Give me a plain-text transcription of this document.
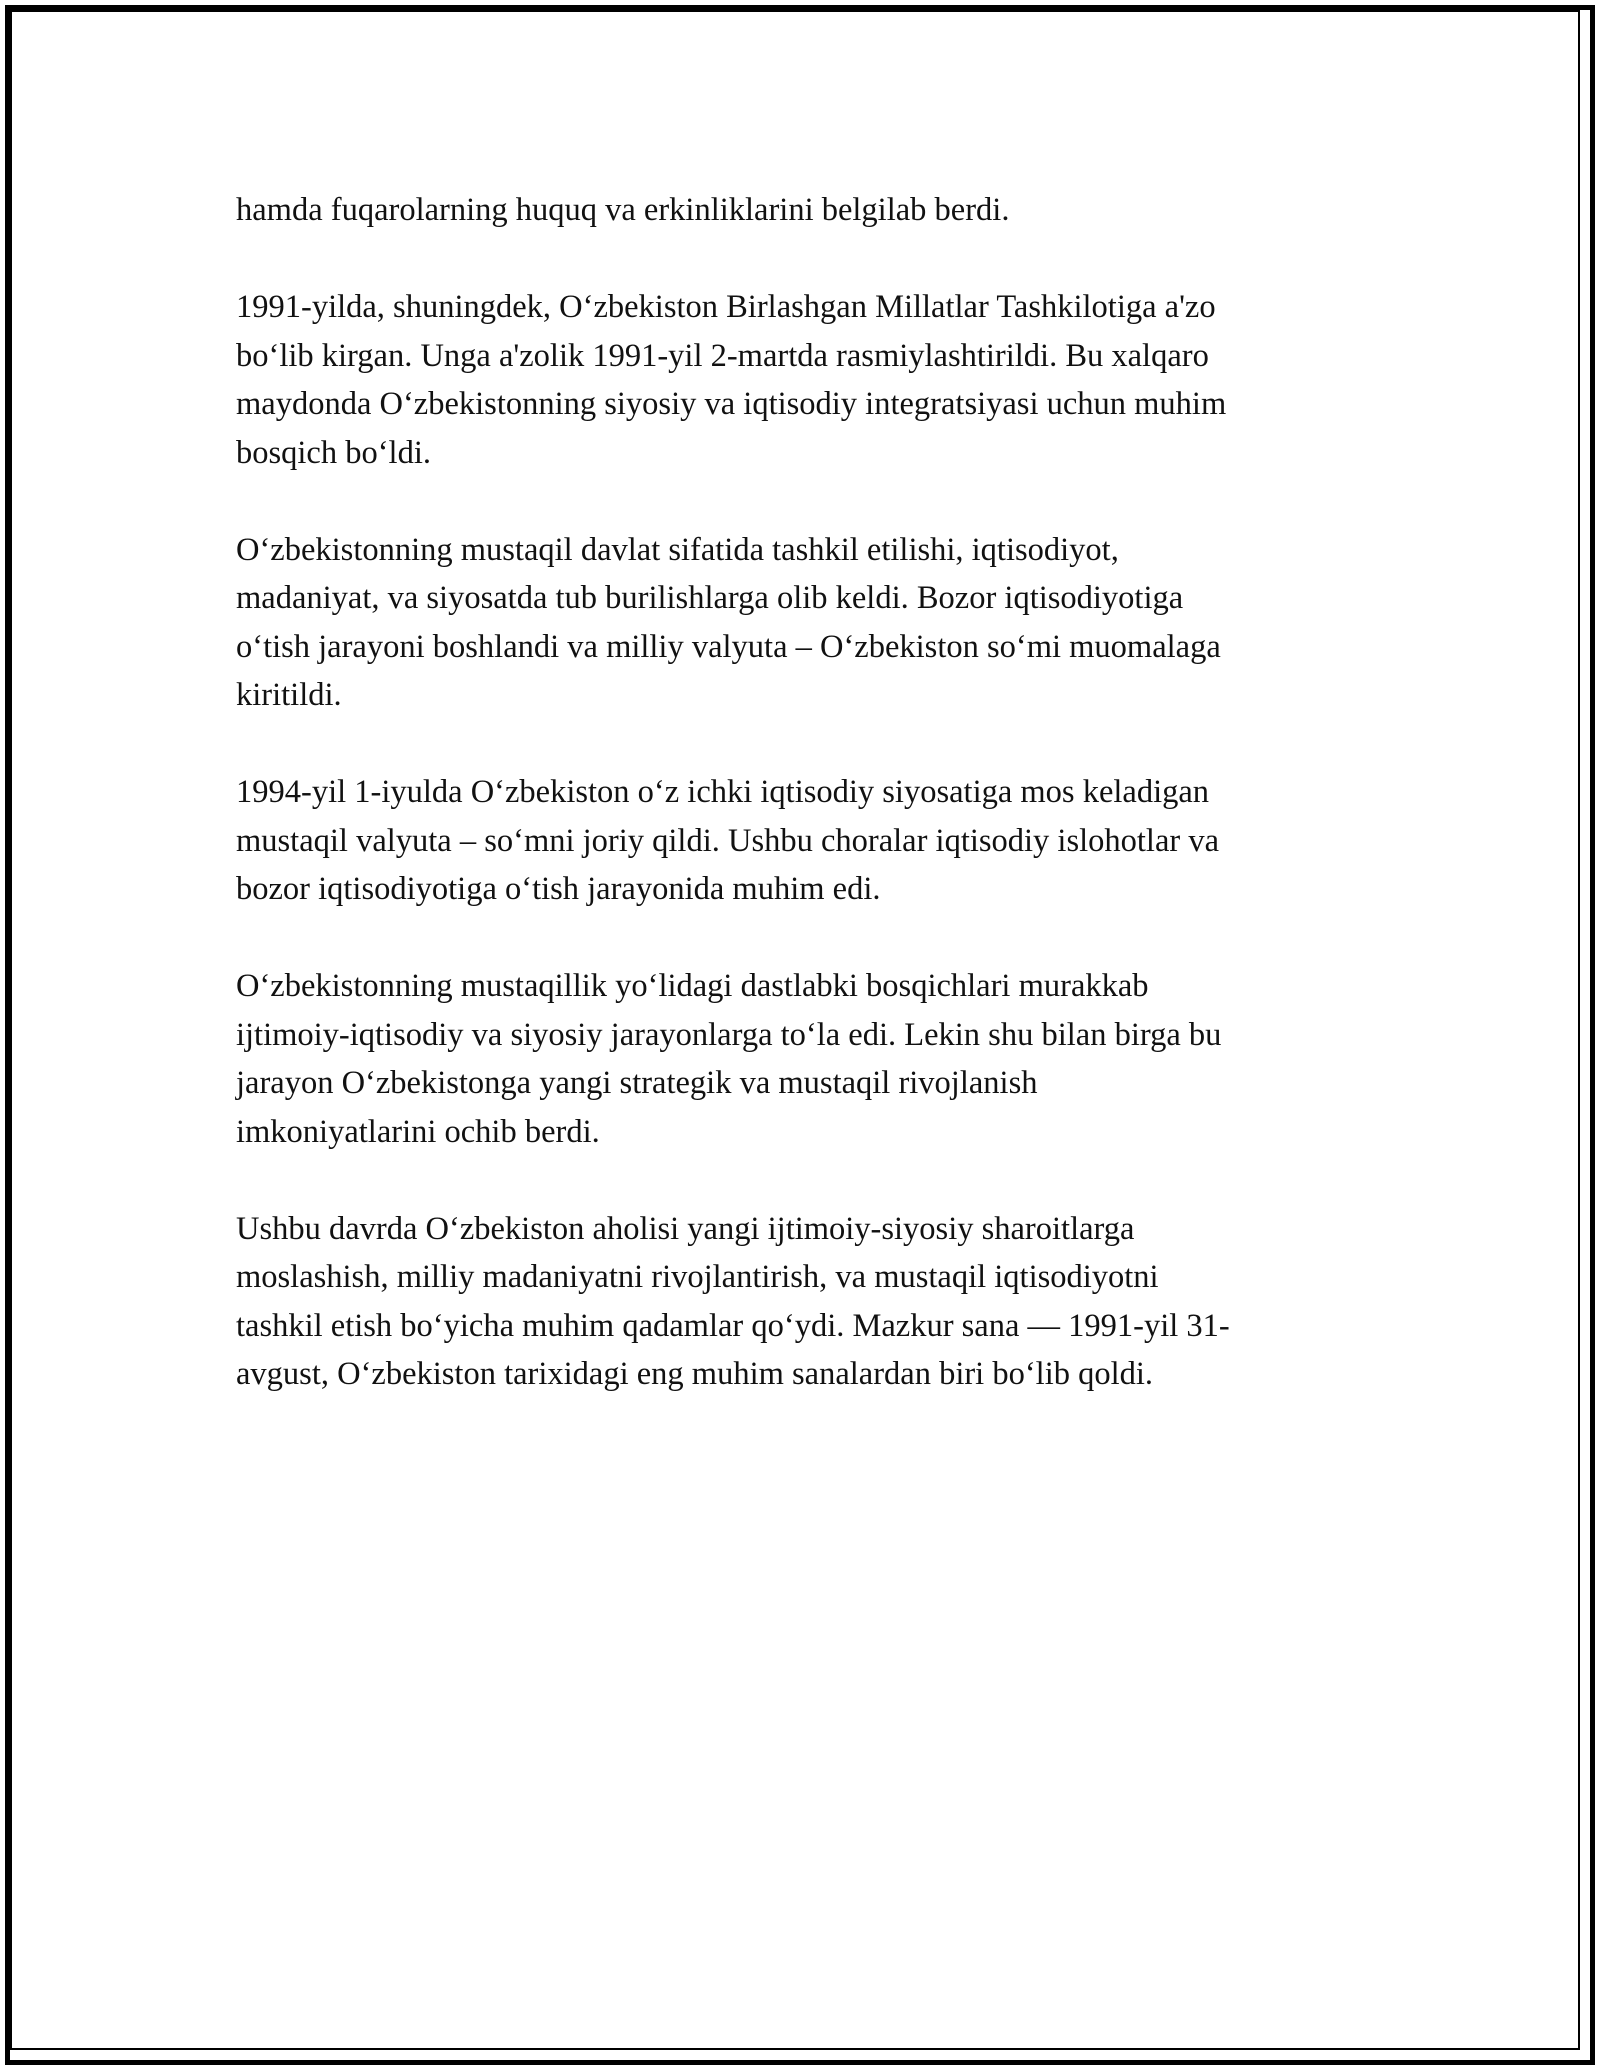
hamda fuqarolarning huquq va erkinliklarini belgilab berdi.

1991-yilda, shuningdek, O‘zbekiston Birlashgan Millatlar Tashkilotiga a'zo
bo‘lib kirgan. Unga a'zolik 1991-yil 2-martda rasmiylashtirildi. Bu xalqaro
maydonda O‘zbekistonning siyosiy va iqtisodiy integratsiyasi uchun muhim
bosqich bo‘ldi.

O‘zbekistonning mustaqil davlat sifatida tashkil etilishi, iqtisodiyot,
madaniyat, va siyosatda tub burilishlarga olib keldi. Bozor iqtisodiyotiga
o‘tish jarayoni boshlandi va milliy valyuta – O‘zbekiston so‘mi muomalaga
kiritildi.

1994-yil 1-iyulda O‘zbekiston o‘z ichki iqtisodiy siyosatiga mos keladigan
mustaqil valyuta – so‘mni joriy qildi. Ushbu choralar iqtisodiy islohotlar va
bozor iqtisodiyotiga o‘tish jarayonida muhim edi.

O‘zbekistonning mustaqillik yo‘lidagi dastlabki bosqichlari murakkab
ijtimoiy-iqtisodiy va siyosiy jarayonlarga to‘la edi. Lekin shu bilan birga bu
jarayon O‘zbekistonga yangi strategik va mustaqil rivojlanish
imkoniyatlarini ochib berdi.

Ushbu davrda O‘zbekiston aholisi yangi ijtimoiy-siyosiy sharoitlarga
moslashish, milliy madaniyatni rivojlantirish, va mustaqil iqtisodiyotni
tashkil etish bo‘yicha muhim qadamlar qo‘ydi. Mazkur sana — 1991-yil 31-
avgust, O‘zbekiston tarixidagi eng muhim sanalardan biri bo‘lib qoldi.
